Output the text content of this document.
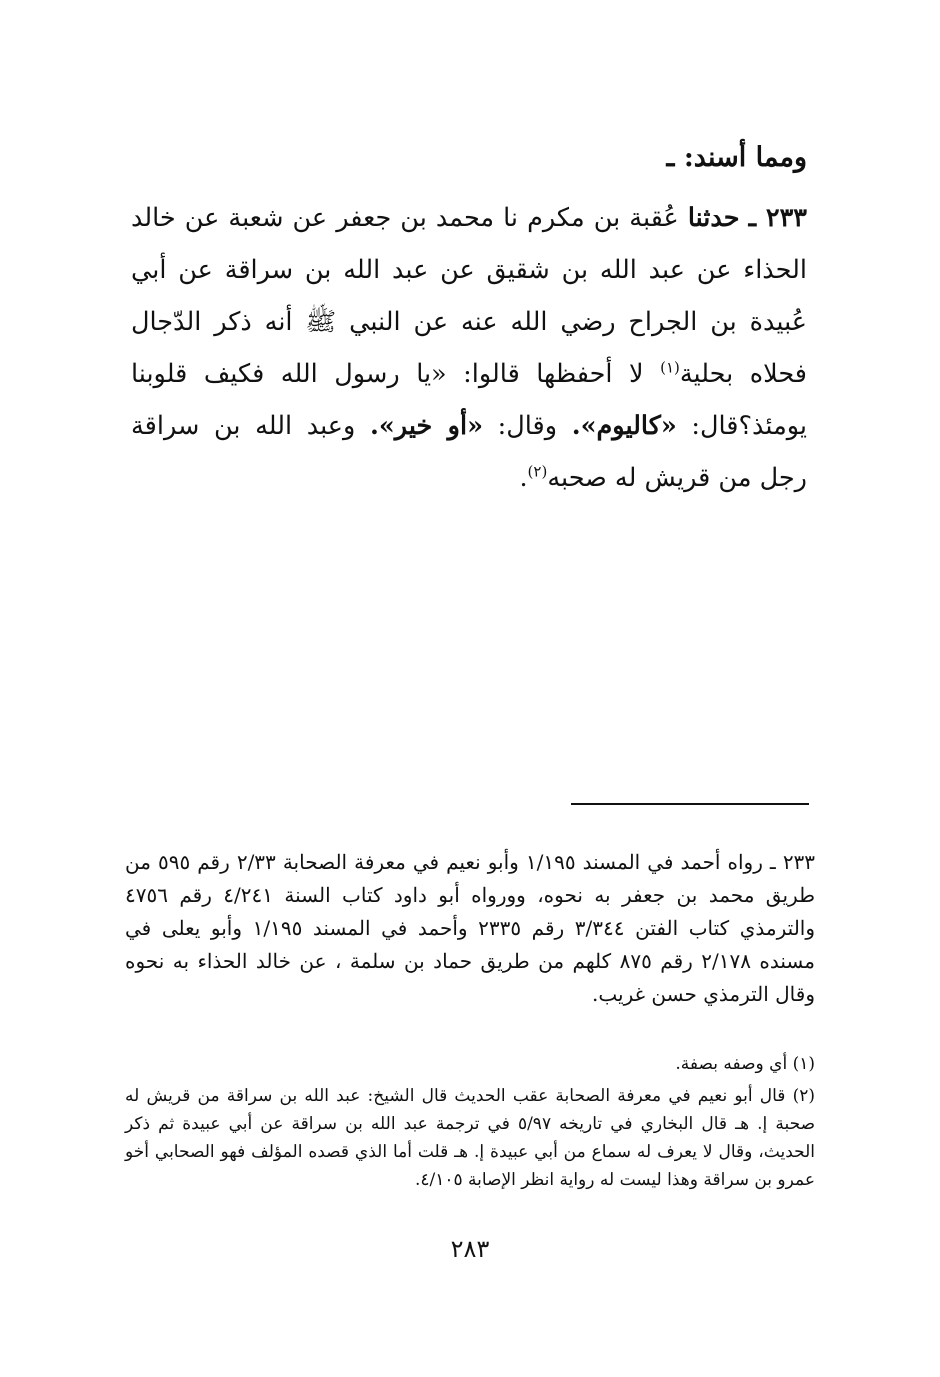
ومما أسند: ـ

٢٣٣ ـ حدثنا عُقبة بن مكرم نا محمد بن جعفر عن شعبة عن خالد الحذاء عن عبد الله بن شقيق عن عبد الله بن سراقة عن أبي عُبيدة بن الجراح رضي الله عنه عن النبي ﷺ أنه ذكر الدّجال فحلاه بحلية$^{(١)}$ لا أحفظها قالوا: «يا رسول الله فكيف قلوبنا يومئذ؟قال: «كاليوم». وقال: «أو خير». وعبد الله بن سراقة رجل من قريش له صحبه$^{(٢)}$.

٢٣٣ ـ رواه أحمد في المسند ١/١٩٥ وأبو نعيم في معرفة الصحابة ٢/٣٣ رقم ٥٩٥ من طريق محمد بن جعفر به نحوه، وورواه أبو داود كتاب السنة ٤/٢٤١ رقم ٤٧٥٦ والترمذي كتاب الفتن ٣/٣٤٤ رقم ٢٣٣٥ وأحمد في المسند ١/١٩٥ وأبو يعلى في مسنده ٢/١٧٨ رقم ٨٧٥ كلهم من طريق حماد بن سلمة ، عن خالد الحذاء به نحوه وقال الترمذي حسن غريب.

(١) أي وصفه بصفة.
(٢) قال أبو نعيم في معرفة الصحابة عقب الحديث قال الشيخ: عبد الله بن سراقة من قريش له صحبة إ. هـ قال البخاري في تاريخه ٥/٩٧ في ترجمة عبد الله بن سراقة عن أبي عبيدة ثم ذكر الحديث، وقال لا يعرف له سماع من أبي عبيدة إ. هـ قلت أما الذي قصده المؤلف فهو الصحابي أخو عمرو بن سراقة وهذا ليست له رواية انظر الإصابة ٤/١٠٥.
٢٨٣
